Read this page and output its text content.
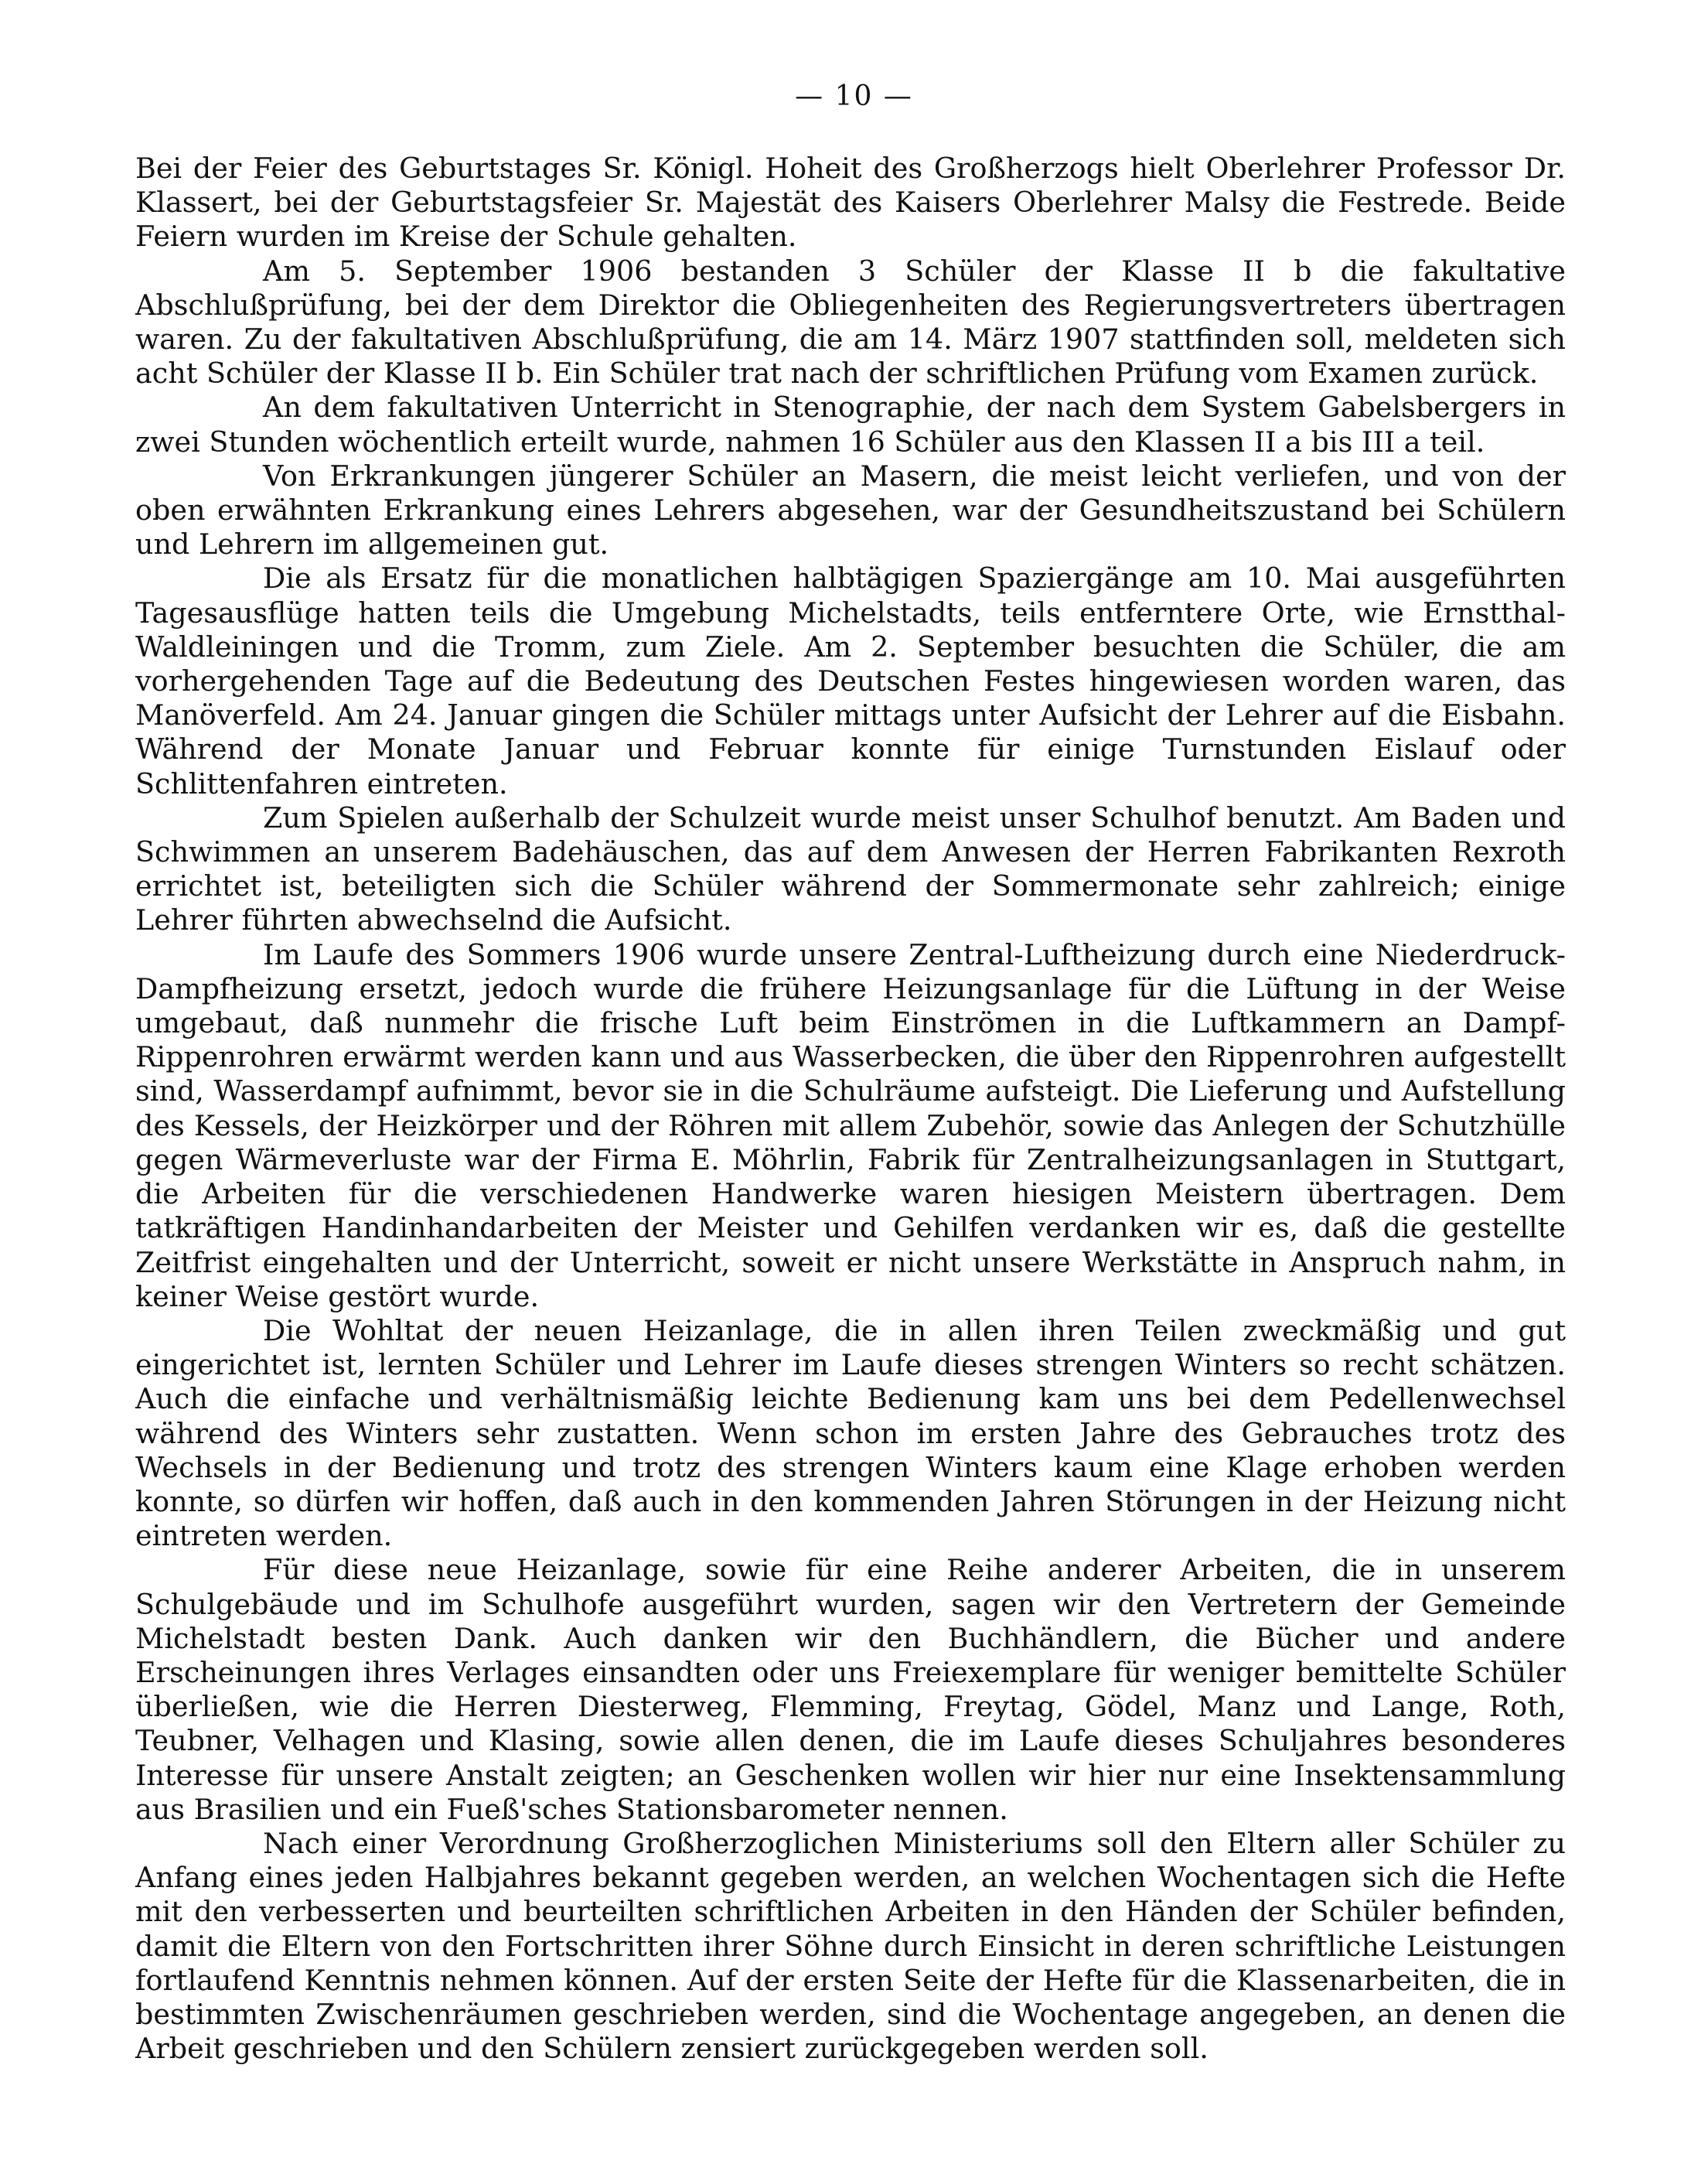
— 10 —

Bei der Feier des Geburtstages Sr. Königl. Hoheit des Großherzogs hielt Oberlehrer Professor Dr. Klassert, bei der Geburtstagsfeier Sr. Majestät des Kaisers Oberlehrer Malsy die Festrede. Beide Feiern wurden im Kreise der Schule gehalten.

Am 5. September 1906 bestanden 3 Schüler der Klasse II b die fakultative Abschlußprüfung, bei der dem Direktor die Obliegenheiten des Regierungsvertreters übertragen waren. Zu der fakultativen Abschlußprüfung, die am 14. März 1907 stattfinden soll, meldeten sich acht Schüler der Klasse II b. Ein Schüler trat nach der schriftlichen Prüfung vom Examen zurück.

An dem fakultativen Unterricht in Stenographie, der nach dem System Gabelsbergers in zwei Stunden wöchentlich erteilt wurde, nahmen 16 Schüler aus den Klassen II a bis III a teil.

Von Erkrankungen jüngerer Schüler an Masern, die meist leicht verliefen, und von der oben erwähnten Erkrankung eines Lehrers abgesehen, war der Gesundheitszustand bei Schülern und Lehrern im allgemeinen gut.

Die als Ersatz für die monatlichen halbtägigen Spaziergänge am 10. Mai ausgeführten Tagesausflüge hatten teils die Umgebung Michelstadts, teils entferntere Orte, wie Ernstthal-Waldleiningen und die Tromm, zum Ziele. Am 2. September besuchten die Schüler, die am vorhergehenden Tage auf die Bedeutung des Deutschen Festes hingewiesen worden waren, das Manöverfeld. Am 24. Januar gingen die Schüler mittags unter Aufsicht der Lehrer auf die Eisbahn. Während der Monate Januar und Februar konnte für einige Turnstunden Eislauf oder Schlittenfahren eintreten.

Zum Spielen außerhalb der Schulzeit wurde meist unser Schulhof benutzt. Am Baden und Schwimmen an unserem Badehäuschen, das auf dem Anwesen der Herren Fabrikanten Rexroth errichtet ist, beteiligten sich die Schüler während der Sommermonate sehr zahlreich; einige Lehrer führten abwechselnd die Aufsicht.

Im Laufe des Sommers 1906 wurde unsere Zentral-Luftheizung durch eine Niederdruck-Dampfheizung ersetzt, jedoch wurde die frühere Heizungsanlage für die Lüftung in der Weise umgebaut, daß nunmehr die frische Luft beim Einströmen in die Luftkammern an Dampf-Rippenrohren erwärmt werden kann und aus Wasserbecken, die über den Rippenrohren aufgestellt sind, Wasserdampf aufnimmt, bevor sie in die Schulräume aufsteigt. Die Lieferung und Aufstellung des Kessels, der Heizkörper und der Röhren mit allem Zubehör, sowie das Anlegen der Schutzhülle gegen Wärmeverluste war der Firma E. Möhrlin, Fabrik für Zentralheizungsanlagen in Stuttgart, die Arbeiten für die verschiedenen Handwerke waren hiesigen Meistern übertragen. Dem tatkräftigen Handinhandarbeiten der Meister und Gehilfen verdanken wir es, daß die gestellte Zeitfrist eingehalten und der Unterricht, soweit er nicht unsere Werkstätte in Anspruch nahm, in keiner Weise gestört wurde.

Die Wohltat der neuen Heizanlage, die in allen ihren Teilen zweckmäßig und gut eingerichtet ist, lernten Schüler und Lehrer im Laufe dieses strengen Winters so recht schätzen. Auch die einfache und verhältnismäßig leichte Bedienung kam uns bei dem Pedellenwechsel während des Winters sehr zustatten. Wenn schon im ersten Jahre des Gebrauches trotz des Wechsels in der Bedienung und trotz des strengen Winters kaum eine Klage erhoben werden konnte, so dürfen wir hoffen, daß auch in den kommenden Jahren Störungen in der Heizung nicht eintreten werden.

Für diese neue Heizanlage, sowie für eine Reihe anderer Arbeiten, die in unserem Schulgebäude und im Schulhofe ausgeführt wurden, sagen wir den Vertretern der Gemeinde Michelstadt besten Dank. Auch danken wir den Buchhändlern, die Bücher und andere Erscheinungen ihres Verlages einsandten oder uns Freiexemplare für weniger bemittelte Schüler überließen, wie die Herren Diesterweg, Flemming, Freytag, Gödel, Manz und Lange, Roth, Teubner, Velhagen und Klasing, sowie allen denen, die im Laufe dieses Schuljahres besonderes Interesse für unsere Anstalt zeigten; an Geschenken wollen wir hier nur eine Insektensammlung aus Brasilien und ein Fueß'sches Stationsbarometer nennen.

Nach einer Verordnung Großherzoglichen Ministeriums soll den Eltern aller Schüler zu Anfang eines jeden Halbjahres bekannt gegeben werden, an welchen Wochentagen sich die Hefte mit den verbesserten und beurteilten schriftlichen Arbeiten in den Händen der Schüler befinden, damit die Eltern von den Fortschritten ihrer Söhne durch Einsicht in deren schriftliche Leistungen fortlaufend Kenntnis nehmen können. Auf der ersten Seite der Hefte für die Klassenarbeiten, die in bestimmten Zwischenräumen geschrieben werden, sind die Wochentage angegeben, an denen die Arbeit geschrieben und den Schülern zensiert zurückgegeben werden soll.
